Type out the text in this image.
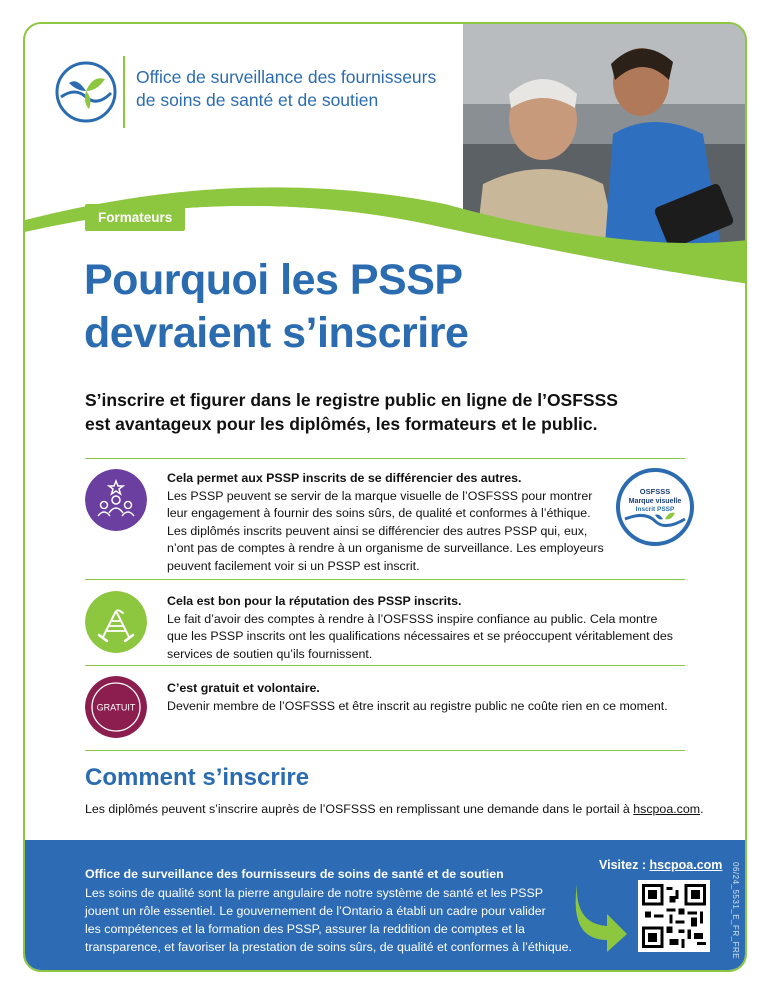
Office de surveillance des fournisseurs
de soins de santé et de soutien
Formateurs
Pourquoi les PSSP
devraient s’inscrire
S’inscrire et figurer dans le registre public en ligne de l’OSFSSS
est avantageux pour les diplômés, les formateurs et le public.
Cela permet aux PSSP inscrits de se différencier des autres.
Les PSSP peuvent se servir de la marque visuelle de l’OSFSSS pour montrer
leur engagement à fournir des soins sûrs, de qualité et conformes à l’éthique.
Les diplômés inscrits peuvent ainsi se différencier des autres PSSP qui, eux,
n’ont pas de comptes à rendre à un organisme de surveillance. Les employeurs
peuvent facilement voir si un PSSP est inscrit.
OSFSSS
Marque visuelle
Inscrit PSSP
Cela est bon pour la réputation des PSSP inscrits.
Le fait d’avoir des comptes à rendre à l’OSFSSS inspire confiance au public. Cela montre
que les PSSP inscrits ont les qualifications nécessaires et se préoccupent véritablement des
services de soutien qu’ils fournissent.
GRATUIT
C’est gratuit et volontaire.
Devenir membre de l’OSFSSS et être inscrit au registre public ne coûte rien en ce moment.
Comment s’inscrire
Les diplômés peuvent s’inscrire auprès de l’OSFSSS en remplissant une demande dans le portail à hscpoa.com.
Office de surveillance des fournisseurs de soins de santé et de soutien
Les soins de qualité sont la pierre angulaire de notre système de santé et les PSSP
jouent un rôle essentiel. Le gouvernement de l’Ontario a établi un cadre pour valider
les compétences et la formation des PSSP, assurer la reddition de comptes et la
transparence, et favoriser la prestation de soins sûrs, de qualité et conformes à l’éthique.
Visitez : hscpoa.com 06/24_5531_E_FR_FRE
